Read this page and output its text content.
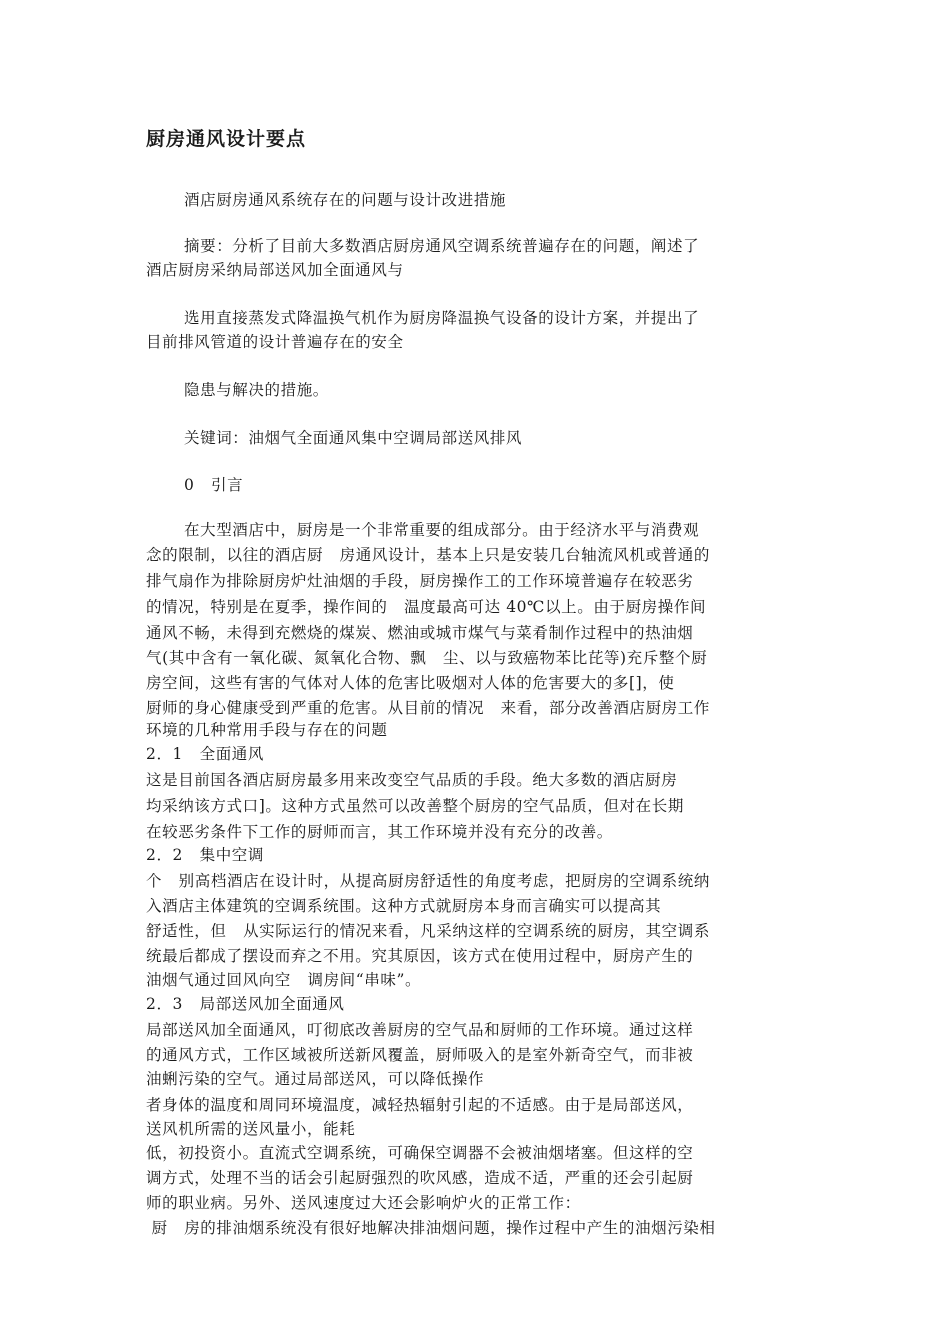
厨房通风设计要点
酒店厨房通风系统存在的问题与设计改进措施
摘要：分析了目前大多数酒店厨房通风空调系统普遍存在的问题，阐述了
酒店厨房采纳局部送风加全面通风与
选用直接蒸发式降温换气机作为厨房降温换气设备的设计方案，并提出了
目前排风管道的设计普遍存在的安全
隐患与解决的措施。
关键词：油烟气全面通风集中空调局部送风排风
0   引言
在大型酒店中，厨房是一个非常重要的组成部分。由于经济水平与消费观
念的限制，以往的酒店厨   房通风设计，基本上只是安装几台轴流风机或普通的
排气扇作为排除厨房炉灶油烟的手段，厨房操作工的工作环境普遍存在较恶劣
的情况，特别是在夏季，操作间的   温度最高可达 40℃以上。由于厨房操作间
通风不畅，未得到充燃烧的煤炭、燃油或城市煤气与菜肴制作过程中的热油烟
气(其中含有一氧化碳、氮氧化合物、飘   尘、以与致癌物苯比芘等)充斥整个厨
房空间，这些有害的气体对人体的危害比吸烟对人体的危害要大的多[]，使
厨师的身心健康受到严重的危害。从目前的情况   来看，部分改善酒店厨房工作
环境的几种常用手段与存在的问题
2．1   全面通风
这是目前国各酒店厨房最多用来改变空气品质的手段。绝大多数的酒店厨房
均采纳该方式口]。这种方式虽然可以改善整个厨房的空气品质，但对在长期
在较恶劣条件下工作的厨师而言，其工作环境并没有充分的改善。
2．2   集中空调
个   别高档酒店在设计时，从提高厨房舒适性的角度考虑，把厨房的空调系统纳
入酒店主体建筑的空调系统围。这种方式就厨房本身而言确实可以提高其
舒适性，但   从实际运行的情况来看，凡采纳这样的空调系统的厨房，其空调系
统最后都成了摆设而弃之不用。究其原因，该方式在使用过程中，厨房产生的
油烟气通过回风向空   调房间“串味”。
2．3   局部送风加全面通风
局部送风加全面通风，叮彻底改善厨房的空气品和厨师的工作环境。通过这样
的通风方式，工作区域被所送新风覆盖，厨师吸入的是室外新奇空气，而非被
油蜊污染的空气。通过局部送风，可以降低操作
者身体的温度和周同环境温度，减轻热辐射引起的不适感。由于是局部送风，
送风机所需的送风量小，能耗
低，初投资小。直流式空调系统，可确保空调器不会被油烟堵塞。但这样的空
调方式，处理不当的话会引起厨强烈的吹风感，造成不适，严重的还会引起厨
师的职业病。另外、送风速度过大还会影响炉火的正常工作：
厨   房的排油烟系统没有很好地解决排油烟问题，操作过程中产生的油烟污染相
